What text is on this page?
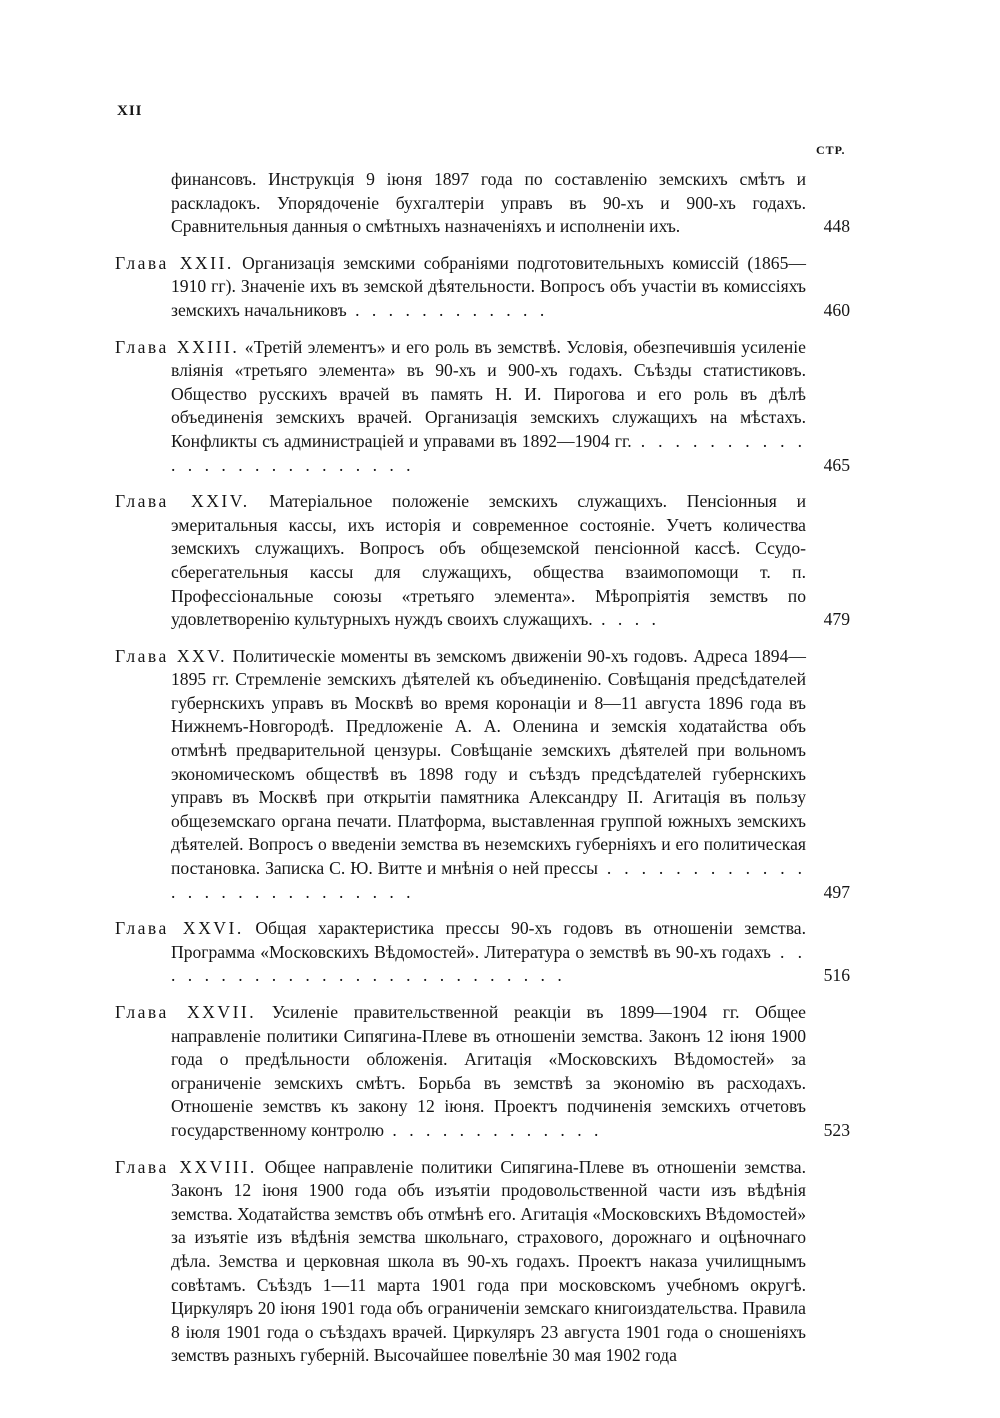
XII
СТР.
финансовъ. Инструкція 9 іюня 1897 года по составленію земскихъ смѣтъ и раскладокъ. Упорядоченіе бухгалтеріи управъ въ 90-хъ и 900-хъ годахъ. Сравнительныя данныя о смѣтныхъ назначеніяхъ и исполненіи ихъ.	448
Глава XXII. Организація земскими собраніями подготовительныхъ комиссій (1865—1910 гг). Значеніе ихъ въ земской дѣятельности. Вопросъ объ участіи въ комиссіяхъ земскихъ начальниковъ . . . . . . . . . . . .	460
Глава XXIII. «Третій элементъ» и его роль въ земствѣ. Условія, обезпечившія усиленіе вліянія «третьяго элемента» въ 90-хъ и 900-хъ годахъ. Съѣзды статистиковъ. Общество русскихъ врачей въ память Н. И. Пирогова и его роль въ дѣлѣ объединенія земскихъ врачей. Организація земскихъ служащихъ на мѣстахъ. Конфликты съ администраціей и управами въ 1892—1904 гг. . . . . . . . . . . . . . . . . . . . . . . . . .	465
Глава XXIV. Матеріальное положеніе земскихъ служащихъ. Пенсіонныя и эмеритальныя кассы, ихъ исторія и современное состояніе. Учетъ количества земскихъ служащихъ. Вопросъ объ общеземской пенсіонной кассѣ. Ссудо-сберегательныя кассы для служащихъ, общества взаимопомощи т. п. Профессіональные союзы «третьяго элемента». Мѣропріятія земствъ по удовлетворенію культурныхъ нуждъ своихъ служащихъ. . . . .	479
Глава XXV. Политическіе моменты въ земскомъ движеніи 90-хъ годовъ. Адреса 1894—1895 гг. Стремленіе земскихъ дѣятелей къ объединенію. Совѣщанія предсѣдателей губернскихъ управъ въ Москвѣ во время коронаціи и 8—11 августа 1896 года въ Нижнемъ-Новгородѣ. Предложеніе А. А. Оленина и земскія ходатайства объ отмѣнѣ предварительной цензуры. Совѣщаніе земскихъ дѣятелей при вольномъ экономическомъ обществѣ въ 1898 году и съѣздъ предсѣдателей губернскихъ управъ въ Москвѣ при открытіи памятника Александру II. Агитація въ пользу общеземскаго органа печати. Платформа, выставленная группой южныхъ земскихъ дѣятелей. Вопросъ о введеніи земства въ неземскихъ губерніяхъ и его политическая постановка. Записка С. Ю. Витте и мнѣнія о ней прессы . . . . . . . . . . . . . . . . . . . . . . . . . . .	497
Глава XXVI. Общая характеристика прессы 90-хъ годовъ въ отношеніи земства. Программа «Московскихъ Вѣдомостей». Литература о земствѣ въ 90-хъ годахъ . . . . . . . . . . . . . . . . . . . . . . . . . .	516
Глава XXVII. Усиленіе правительственной реакціи въ 1899—1904 гг. Общее направленіе политики Сипягина-Плеве въ отношеніи земства. Законъ 12 іюня 1900 года о предѣльности обложенія. Агитація «Московскихъ Вѣдомостей» за ограниченіе земскихъ смѣтъ. Борьба въ земствѣ за экономію въ расходахъ. Отношеніе земствъ къ закону 12 іюня. Проектъ подчиненія земскихъ отчетовъ государственному контролю . . . . . . . . . . . . .	523
Глава XXVIII. Общее направленіе политики Сипягина-Плеве въ отношеніи земства. Законъ 12 іюня 1900 года объ изъятіи продовольственной части изъ вѣдѣнія земства. Ходатайства земствъ объ отмѣнѣ его. Агитація «Московскихъ Вѣдомостей» за изъятіе изъ вѣдѣнія земства школьнаго, страхового, дорожнаго и оцѣночнаго дѣла. Земства и церковная школа въ 90-хъ годахъ. Проектъ наказа училищнымъ совѣтамъ. Съѣздъ 1—11 марта 1901 года при московскомъ учебномъ округѣ. Циркуляръ 20 іюня 1901 года объ ограниченіи земскаго книгоиздательства. Правила 8 іюля 1901 года о съѣздахъ врачей. Циркуляръ 23 августа 1901 года о сношеніяхъ земствъ разныхъ губерній. Высочайшее повелѣніе 30 мая 1902 года
